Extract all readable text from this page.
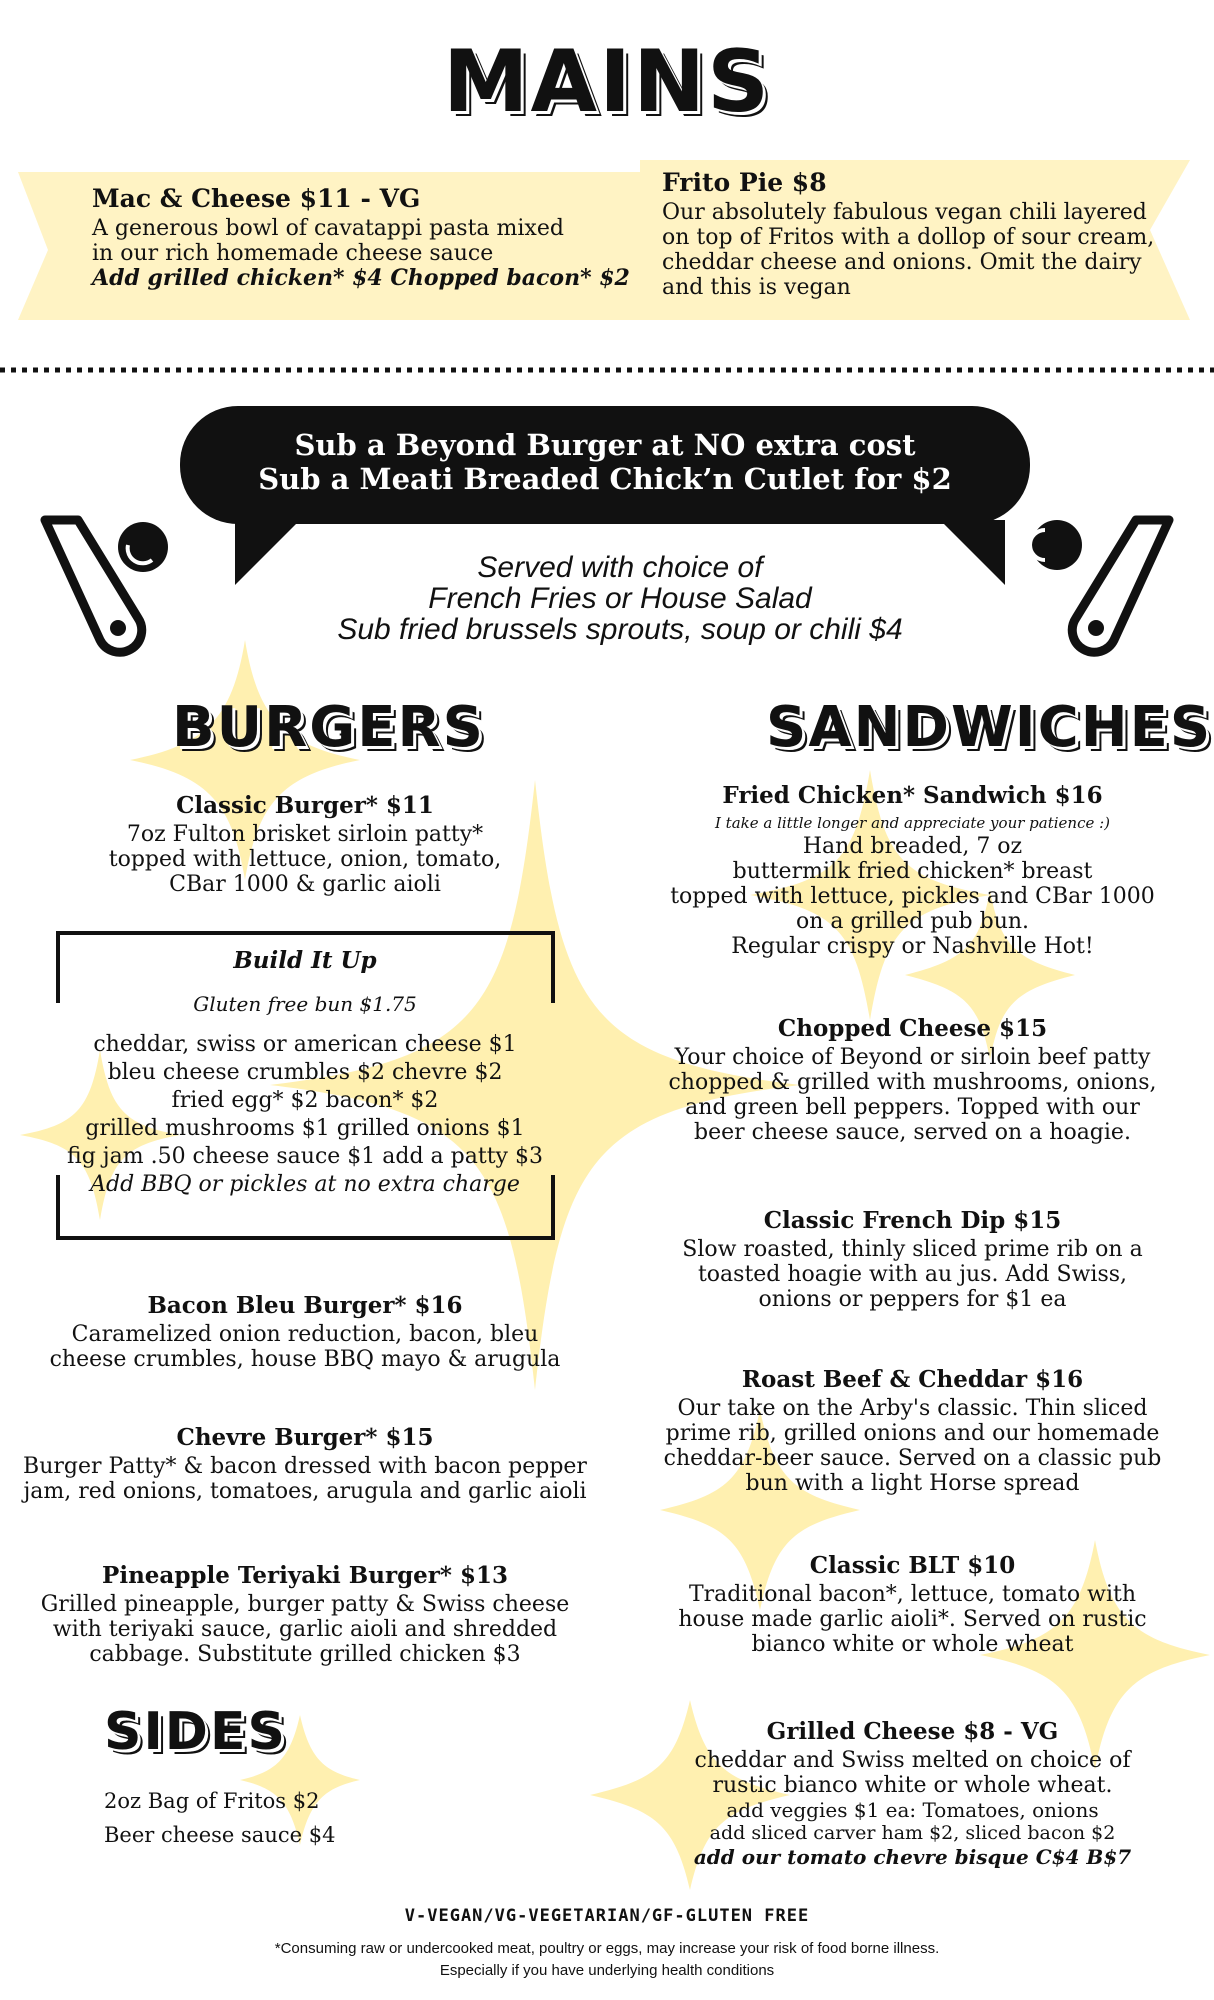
MAINS
Mac & Cheese $11 - VG
A generous bowl of cavatappi pasta mixed
in our rich homemade cheese sauce
Add grilled chicken* $4 Chopped bacon* $2
Frito Pie $8
Our absolutely fabulous vegan chili layered
on top of Fritos with a dollop of sour cream,
cheddar cheese and onions. Omit the dairy
and this is vegan
Sub a Beyond Burger at NO extra cost
Sub a Meati Breaded Chick’n Cutlet for $2
Served with choice of
French Fries or House Salad
Sub fried brussels sprouts, soup or chili $4
BURGERS
Classic Burger* $11
7oz Fulton brisket sirloin patty*
topped with lettuce, onion, tomato,
CBar 1000 & garlic aioli
Build It Up
Gluten free bun $1.75
cheddar, swiss or american cheese $1
bleu cheese crumbles $2 chevre $2
fried egg* $2 bacon* $2
grilled mushrooms $1 grilled onions $1
fig jam .50 cheese sauce $1 add a patty $3
Add BBQ or pickles at no extra charge
Bacon Bleu Burger* $16
Caramelized onion reduction, bacon, bleu
cheese crumbles, house BBQ mayo & arugula
Chevre Burger* $15
Burger Patty* & bacon dressed with bacon pepper
jam, red onions, tomatoes, arugula and garlic aioli
Pineapple Teriyaki Burger* $13
Grilled pineapple, burger patty & Swiss cheese
with teriyaki sauce, garlic aioli and shredded
cabbage. Substitute grilled chicken $3
SIDES
2oz Bag of Fritos $2
Beer cheese sauce $4
SANDWICHES
Fried Chicken* Sandwich $16
I take a little longer and appreciate your patience :)
Hand breaded, 7 oz
buttermilk fried chicken* breast
topped with lettuce, pickles and CBar 1000
on a grilled pub bun.
Regular crispy or Nashville Hot!
Chopped Cheese $15
Your choice of Beyond or sirloin beef patty
chopped & grilled with mushrooms, onions,
and green bell peppers. Topped with our
beer cheese sauce, served on a hoagie.
Classic French Dip $15
Slow roasted, thinly sliced prime rib on a
toasted hoagie with au jus. Add Swiss,
onions or peppers for $1 ea
Roast Beef & Cheddar $16
Our take on the Arby's classic. Thin sliced
prime rib, grilled onions and our homemade
cheddar-beer sauce. Served on a classic pub
bun with a light Horse spread
Classic BLT $10
Traditional bacon*, lettuce, tomato with
house made garlic aioli*. Served on rustic
bianco white or whole wheat
Grilled Cheese $8 - VG
cheddar and Swiss melted on choice of
rustic bianco white or whole wheat.
add veggies $1 ea: Tomatoes, onions
add sliced carver ham $2, sliced bacon $2
add our tomato chevre bisque C$4 B$7
V-VEGAN/VG-VEGETARIAN/GF-GLUTEN FREE
*Consuming raw or undercooked meat, poultry or eggs, may increase your risk of food borne illness.
Especially if you have underlying health conditions
